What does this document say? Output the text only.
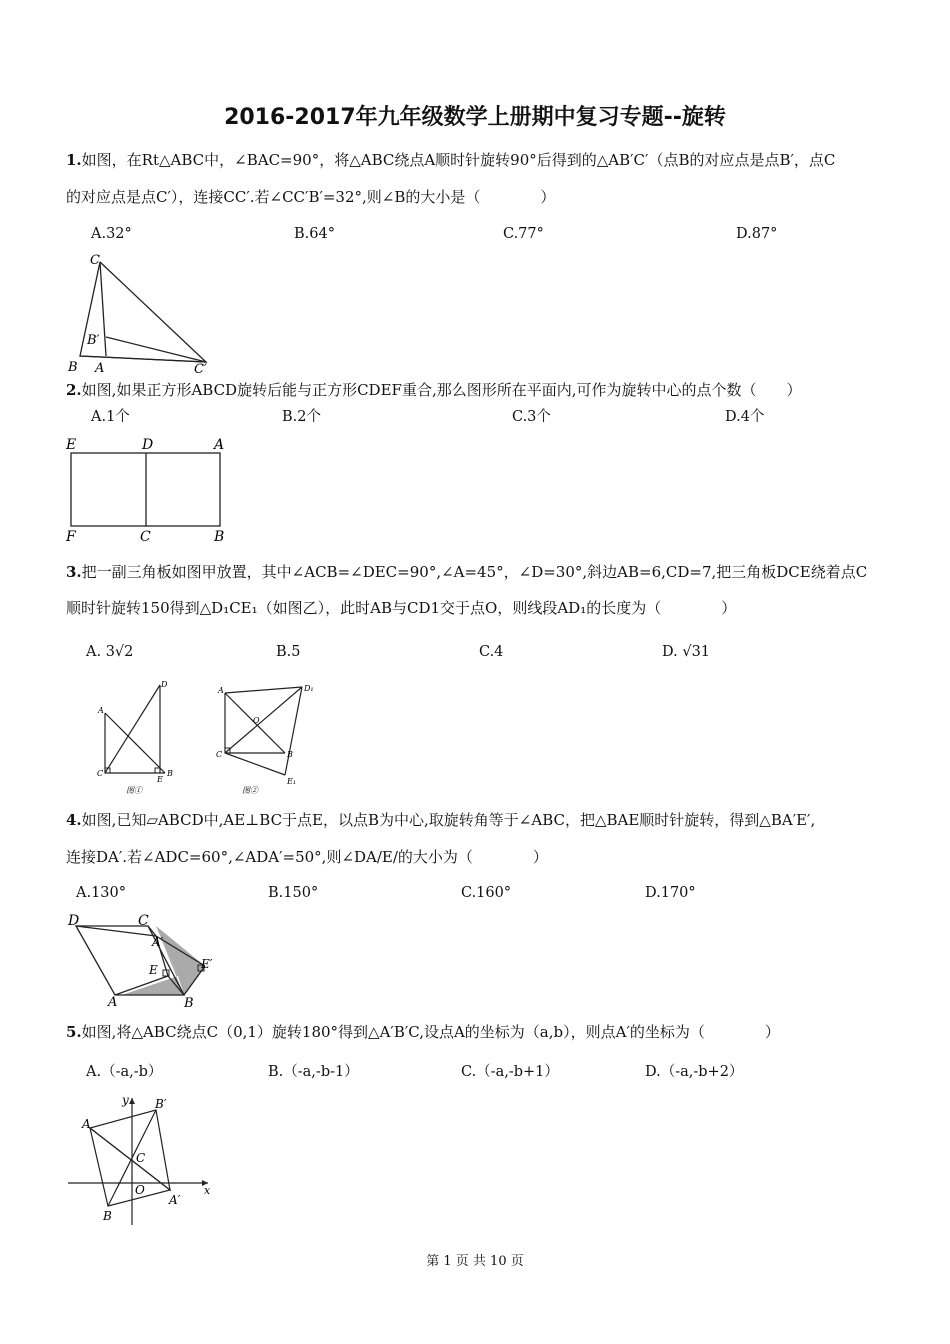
2016-2017年九年级数学上册期中复习专题--旋转
1.如图，在Rt△ABC中，∠BAC=90°，将△ABC绕点A顺时针旋转90°后得到的△AB′C′（点B的对应点是点B′，点C
的对应点是点C′），连接CC′.若∠CC′B′=32°,则∠B的大小是（　　　　）
A.32°	B.64°	C.77°	D.87°
C
B′
B A	C′
2.如图,如果正方形ABCD旋转后能与正方形CDEF重合,那么图形所在平面内,可作为旋转中心的点个数（　　）
A.1个	B.2个	C.3个	D.4个
E	D	A
F	C	B
3.把一副三角板如图甲放置，其中∠ACB=∠DEC=90°,∠A=45°，∠D=30°,斜边AB=6,CD=7,把三角板DCE绕着点C
顺时针旋转150得到△D₁CE₁（如图乙），此时AB与CD1交于点O，则线段AD₁的长度为（　　　　）
A. 3√2	B.5	C.4	D. √31
D
A
C
E
B
图①
D₁
A
O
C	B
E₁
图②
4.如图,已知▱ABCD中,AE⊥BC于点E，以点B为中心,取旋转角等于∠ABC，把△BAE顺时针旋转，得到△BA′E′,
连接DA′.若∠ADC=60°,∠ADA′=50°,则∠DA/E/的大小为（　　　　）
A.130°	B.150°	C.160°	D.170°
D	C
A′
E	E′
A	B
5.如图,将△ABC绕点C（0,1）旋转180°得到△A′B′C,设点A的坐标为（a,b），则点A′的坐标为（　　　　）
A.（-a,-b）	B.（-a,-b-1）	C.（-a,-b+1）	D.（-a,-b+2）
y B′
A
C
O	x
A′
B
第 1 页 共 10 页
